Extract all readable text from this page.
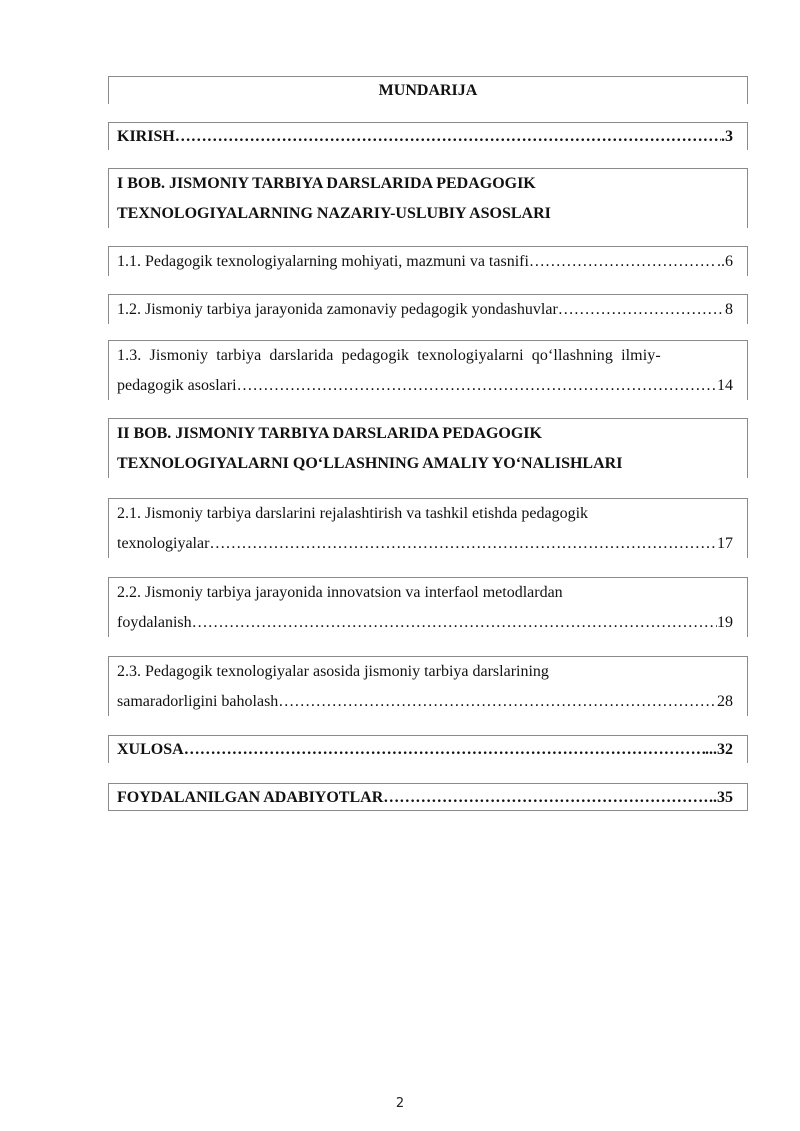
MUNDARIJA
KIRISH …………………………………………………………………………………………………………………………………………………………………………………………	.3
I BOB. JISMONIY TARBIYA DARSLARIDA PEDAGOGIK
TEXNOLOGIYALARNING NAZARIY-USLUBIY ASOSLARI
1.1. Pedagogik texnologiyalarning mohiyati, mazmuni va tasnifi …………………………………………………………………………………………………………………………………………………………………………………………	..6
1.2. Jismoniy tarbiya jarayonida zamonaviy pedagogik yondashuvlar …………………………………………………………………………………………………………………………………………………………………………………………	8
1.3. Jismoniy tarbiya darslarida pedagogik texnologiyalarni qo‘llashning ilmiy-
pedagogik asoslari …………………………………………………………………………………………………………………………………………………………………………………………	14
II BOB. JISMONIY TARBIYA DARSLARIDA PEDAGOGIK
TEXNOLOGIYALARNI QO‘LLASHNING AMALIY YO‘NALISHLARI
2.1. Jismoniy tarbiya darslarini rejalashtirish va tashkil etishda pedagogik
texnologiyalar …………………………………………………………………………………………………………………………………………………………………………………………	17
2.2. Jismoniy tarbiya jarayonida innovatsion va interfaol metodlardan
foydalanish …………………………………………………………………………………………………………………………………………………………………………………………	19
2.3. Pedagogik texnologiyalar asosida jismoniy tarbiya darslarining
samaradorligini baholash …………………………………………………………………………………………………………………………………………………………………………………………	28
XULOSA …………………………………………………………………………………………………………………………………………………………………………………………	...32
FOYDALANILGAN ADABIYOTLAR …………………………………………………………………………………………………………………………………………………………………………………………	..35
2
